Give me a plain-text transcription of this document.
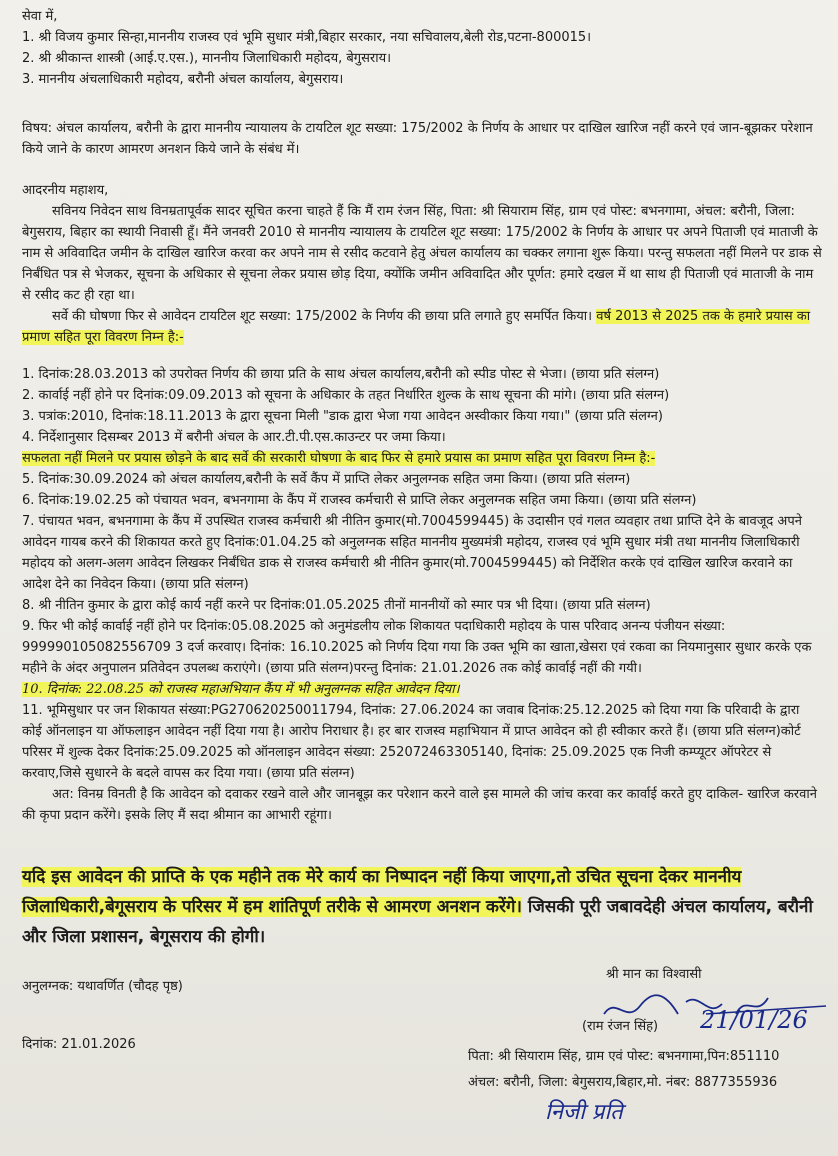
सेवा में,

1. श्री विजय कुमार सिन्हा,माननीय राजस्व एवं भूमि सुधार मंत्री,बिहार सरकार, नया सचिवालय,बेली रोड,पटना-800015।

2. श्री श्रीकान्त शास्त्री (आई.ए.एस.), माननीय जिलाधिकारी महोदय, बेगुसराय।

3. माननीय अंचलाधिकारी महोदय, बरौनी अंचल कार्यालय, बेगुसराय।

विषय: अंचल कार्यालय, बरौनी के द्वारा माननीय न्यायालय के टायटिल शूट सख्या: 175/2002 के निर्णय के आधार पर दाखिल खारिज नहीं करने एवं जान-बूझकर परेशान किये जाने के कारण आमरण अनशन किये जाने के संबंध में।

आदरनीय महाशय,

सविनय निवेदन साथ विनम्रतापूर्वक सादर सूचित करना चाहते हैं कि मैं राम रंजन सिंह, पिता: श्री सियाराम सिंह, ग्राम एवं पोस्ट: बभनगामा, अंचल: बरौनी, जिला: बेगुसराय, बिहार का स्थायी निवासी हूँ। मैंने जनवरी 2010 से माननीय न्यायालय के टायटिल शूट सख्या: 175/2002 के निर्णय के आधार पर अपने पिताजी एवं माताजी के नाम से अविवादित जमीन के दाखिल खारिज करवा कर अपने नाम से रसीद कटवाने हेतु अंचल कार्यालय का चक्कर लगाना शुरू किया। परन्तु सफलता नहीं मिलने पर डाक से निर्बंधित पत्र से भेजकर, सूचना के अधिकार से सूचना लेकर प्रयास छोड़ दिया, क्योंकि जमीन अविवादित और पूर्णत: हमारे दखल में था साथ ही पिताजी एवं माताजी के नाम से रसीद कट ही रहा था।

सर्वे की घोषणा फिर से आवेदन टायटिल शूट सख्या: 175/2002 के निर्णय की छाया प्रति लगाते हुए समर्पित किया। वर्ष 2013 से 2025 तक के हमारे प्रयास का प्रमाण सहित पूरा विवरण निम्न है:-

1. दिनांक:28.03.2013 को उपरोक्त निर्णय की छाया प्रति के साथ अंचल कार्यालय,बरौनी को स्पीड पोस्ट से भेजा। (छाया प्रति संलग्न)

2. कार्वाई नहीं होने पर दिनांक:09.09.2013 को सूचना के अधिकार के तहत निर्धारित शुल्क के साथ सूचना की मांगे। (छाया प्रति संलग्न)

3. पत्रांक:2010, दिनांक:18.11.2013 के द्वारा सूचना मिली "डाक द्वारा भेजा गया आवेदन अस्वीकार किया गया।" (छाया प्रति संलग्न)

4. निर्देशानुसार दिसम्बर 2013 में बरौनी अंचल के आर.टी.पी.एस.काउन्टर पर जमा किया।

सफलता नहीं मिलने पर प्रयास छोड़ने के बाद सर्वे की सरकारी घोषणा के बाद फिर से हमारे प्रयास का प्रमाण सहित पूरा विवरण निम्न है:-

5. दिनांक:30.09.2024 को अंचल कार्यालय,बरौनी के सर्वे कैंप में प्राप्ति लेकर अनुलग्नक सहित जमा किया। (छाया प्रति संलग्न)

6. दिनांक:19.02.25 को पंचायत भवन, बभनगामा के कैंप में राजस्व कर्मचारी से प्राप्ति लेकर अनुलग्नक सहित जमा किया। (छाया प्रति संलग्न)

7. पंचायत भवन, बभनगामा के कैंप में उपस्थित राजस्व कर्मचारी श्री नीतिन कुमार(मो.7004599445) के उदासीन एवं गलत व्यवहार तथा प्राप्ति देने के बावजूद अपने आवेदन गायब करने की शिकायत करते हुए दिनांक:01.04.25 को अनुलग्नक सहित माननीय मुख्यमंत्री महोदय, राजस्व एवं भूमि सुधार मंत्री तथा माननीय जिलाधिकारी महोदय को अलग-अलग आवेदन लिखकर निर्बंधित डाक से राजस्व कर्मचारी श्री नीतिन कुमार(मो.7004599445) को निर्देशित करके एवं दाखिल खारिज करवाने का आदेश देने का निवेदन किया। (छाया प्रति संलग्न)

8. श्री नीतिन कुमार के द्वारा कोई कार्य नहीं करने पर दिनांक:01.05.2025 तीनों माननीयों को स्मार पत्र भी दिया। (छाया प्रति संलग्न)

9. फिर भी कोई कार्वाई नहीं होने पर दिनांक:05.08.2025 को अनुमंडलीय लोक शिकायत पदाधिकारी महोदय के पास परिवाद अनन्य पंजीयन संख्या: 999990105082556709 3 दर्ज करवाए। दिनांक: 16.10.2025 को निर्णय दिया गया कि उक्त भूमि का खाता,खेसरा एवं रकवा का नियमानुसार सुधार करके एक महीने के अंदर अनुपालन प्रतिवेदन उपलब्ध कराएंगे। (छाया प्रति संलग्न)परन्तु दिनांक: 21.01.2026 तक कोई कार्वाई नहीं की गयी।

10. दिनांक: 22.08.25 को राजस्व महाअभियान कैंप में भी अनुलग्नक सहित आवेदन दिया।

11. भूमिसुधार पर जन शिकायत संख्या:PG270620250011794, दिनांक: 27.06.2024 का जवाब दिनांक:25.12.2025 को दिया गया कि परिवादी के द्वारा कोई ऑनलाइन या ऑफलाइन आवेदन नहीं दिया गया है। आरोप निराधार है। हर बार राजस्व महाभियान में प्राप्त आवेदन को ही स्वीकार करते हैं। (छाया प्रति संलग्न)कोर्ट परिसर में शुल्क देकर दिनांक:25.09.2025 को ऑनलाइन आवेदन संख्या: 252072463305140, दिनांक: 25.09.2025 एक निजी कम्प्यूटर ऑपरेटर से करवाए,जिसे सुधारने के बदले वापस कर दिया गया। (छाया प्रति संलग्न)

अत: विनम्र विनती है कि आवेदन को दवाकर रखने वाले और जानबूझ कर परेशान करने वाले इस मामले की जांच करवा कर कार्वाई करते हुए दाकिल- खारिज करवाने की कृपा प्रदान करेंगे। इसके लिए मैं सदा श्रीमान का आभारी रहूंगा।

यदि इस आवेदन की प्राप्ति के एक महीने तक मेरे कार्य का निष्पादन नहीं किया जाएगा,तो उचित सूचना देकर माननीय जिलाधिकारी,बेगूसराय के परिसर में हम शांतिपूर्ण तरीके से आमरण अनशन करेंगे। जिसकी पूरी जबावदेही अंचल कार्यालय, बरौनी और जिला प्रशासन, बेगूसराय की होगी।

अनुलग्नक: यथावर्णित (चौदह पृष्ठ)
दिनांक: 21.01.2026
श्री मान का विश्वासी
(राम रंजन सिंह) 21/01/26
पिता: श्री सियाराम सिंह, ग्राम एवं पोस्ट: बभनगामा,पिन:851110
अंचल: बरौनी, जिला: बेगुसराय,बिहार,मो. नंबर: 8877355936
निजी प्रति
